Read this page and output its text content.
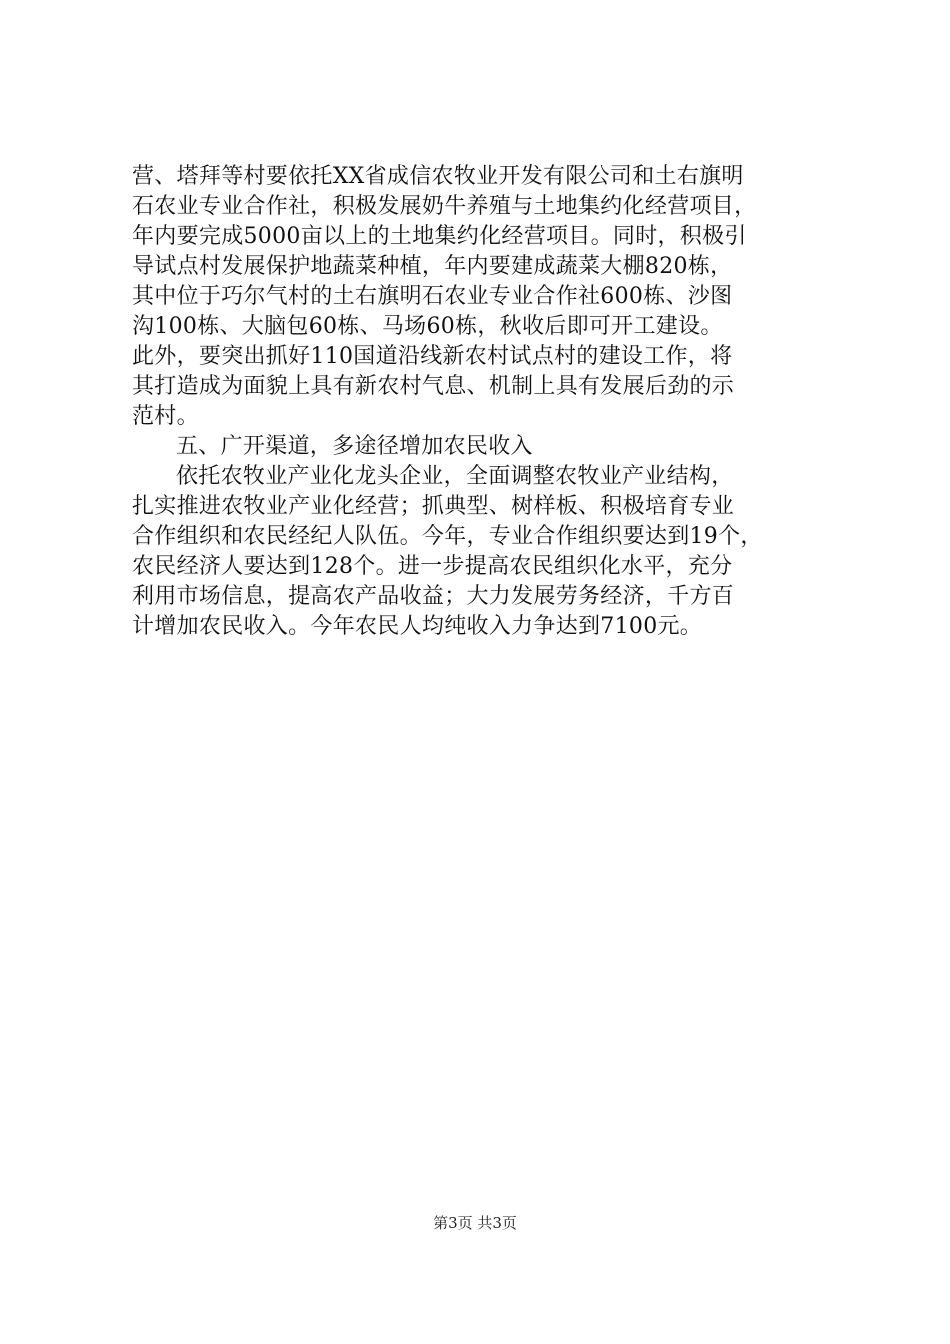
营、塔拜等村要依托XX省成信农牧业开发有限公司和土右旗明
石农业专业合作社，积极发展奶牛养殖与土地集约化经营项目，
年内要完成5000亩以上的土地集约化经营项目。同时，积极引
导试点村发展保护地蔬菜种植，年内要建成蔬菜大棚820栋，
其中位于巧尔气村的土右旗明石农业专业合作社600栋、沙图
沟100栋、大脑包60栋、马场60栋，秋收后即可开工建设。
此外，要突出抓好110国道沿线新农村试点村的建设工作，将
其打造成为面貌上具有新农村气息、机制上具有发展后劲的示
范村。
五、广开渠道，多途径增加农民收入
依托农牧业产业化龙头企业，全面调整农牧业产业结构，
扎实推进农牧业产业化经营；抓典型、树样板、积极培育专业
合作组织和农民经纪人队伍。今年，专业合作组织要达到19个，
农民经济人要达到128个。进一步提高农民组织化水平，充分
利用市场信息，提高农产品收益；大力发展劳务经济，千方百
计增加农民收入。今年农民人均纯收入力争达到7100元。
第3页 共3页
